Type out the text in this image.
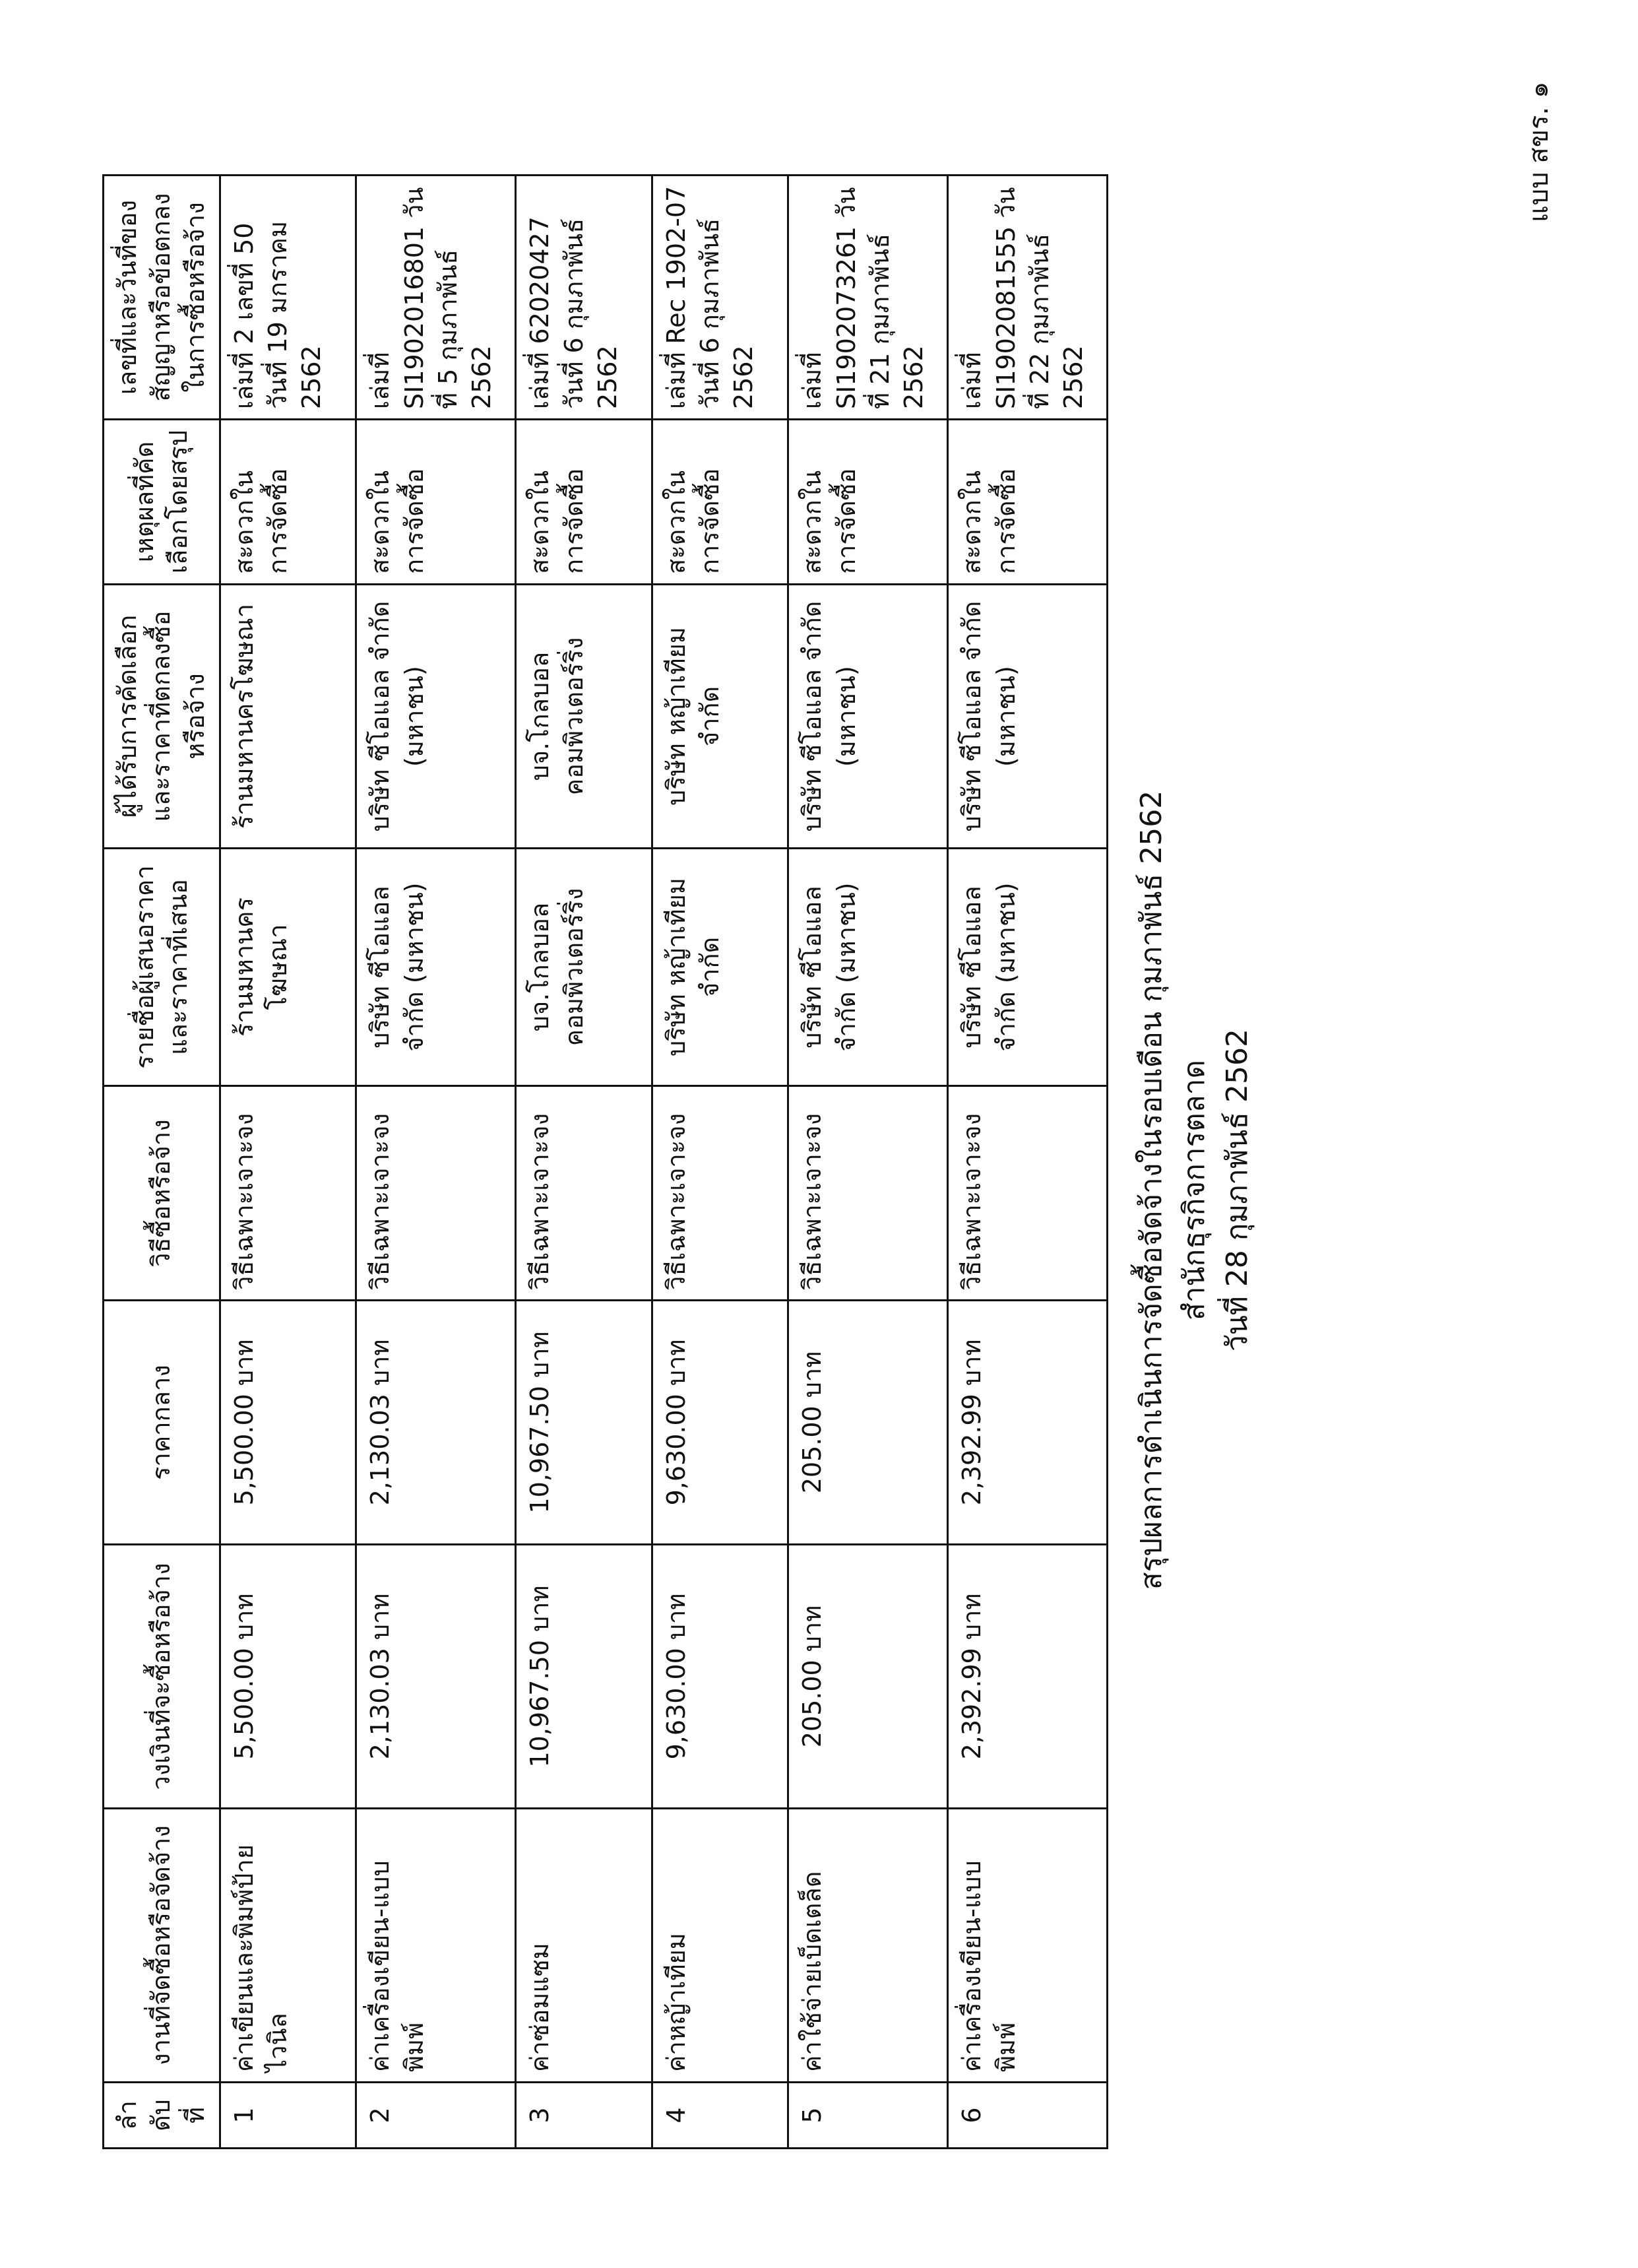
แบบ สขร. ๑
สรุปผลการดำเนินการจัดซื้อจัดจ้างในรอบเดือน กุมภาพันธ์ 2562 สำนักธุรกิจการตลาด วันที่ 28 กุมภาพันธ์ 2562
ลำดับที่	งานที่จัดซื้อหรือจัดจ้าง	วงเงินที่จะซื้อหรือจ้าง	ราคากลาง	วิธีซื้อหรือจ้าง	รายชื่อผู้เสนอราคาและราคาที่เสนอ	ผู้ได้รับการคัดเลือกและราคาที่ตกลงซื้อหรือจ้าง	เหตุผลที่คัดเลือกโดยสรุป	เลขที่และวันที่ของสัญญาหรือข้อตกลงในการซื้อหรือจ้าง
1	ค่าเขียนและพิมพ์ป้ายไวนิล	5,500.00 บาท	5,500.00 บาท	วิธีเฉพาะเจาะจง	ร้านมหานครโฆษณา	ร้านมหานครโฆษณา	สะดวกในการจัดซื้อ	เล่มที่ 2 เลขที่ 50 วันที่ 19 มกราคม 2562
2	ค่าเครื่องเขียน-แบบพิมพ์	2,130.03 บาท	2,130.03 บาท	วิธีเฉพาะเจาะจง	บริษัท ซีโอแอล จำกัด (มหาชน)	บริษัท ซีโอแอล จำกัด (มหาชน)	สะดวกในการจัดซื้อ	เล่มที่ SI1902016801 วันที่ 5 กุมภาพันธ์ 2562
3	ค่าซ่อมแซม	10,967.50 บาท	10,967.50 บาท	วิธีเฉพาะเจาะจง	บจ.โกลบอล คอมพิวเตอร์ริ่ง	บจ.โกลบอล คอมพิวเตอร์ริ่ง	สะดวกในการจัดซื้อ	เล่มที่ 62020427 วันที่ 6 กุมภาพันธ์ 2562
4	ค่าหญ้าเทียม	9,630.00 บาท	9,630.00 บาท	วิธีเฉพาะเจาะจง	บริษัท หญ้าเทียม จำกัด	บริษัท หญ้าเทียม จำกัด	สะดวกในการจัดซื้อ	เล่มที่ Rec 1902-07 วันที่ 6 กุมภาพันธ์ 2562
5	ค่าใช้จ่ายเบ็ดเตล็ด	205.00 บาท	205.00 บาท	วิธีเฉพาะเจาะจง	บริษัท ซีโอแอล จำกัด (มหาชน)	บริษัท ซีโอแอล จำกัด (มหาชน)	สะดวกในการจัดซื้อ	เล่มที่ SI1902073261 วันที่ 21 กุมภาพันธ์ 2562
6	ค่าเครื่องเขียน-แบบพิมพ์	2,392.99 บาท	2,392.99 บาท	วิธีเฉพาะเจาะจง	บริษัท ซีโอแอล จำกัด (มหาชน)	บริษัท ซีโอแอล จำกัด (มหาชน)	สะดวกในการจัดซื้อ	เล่มที่ SI1902081555 วันที่ 22 กุมภาพันธ์ 2562
